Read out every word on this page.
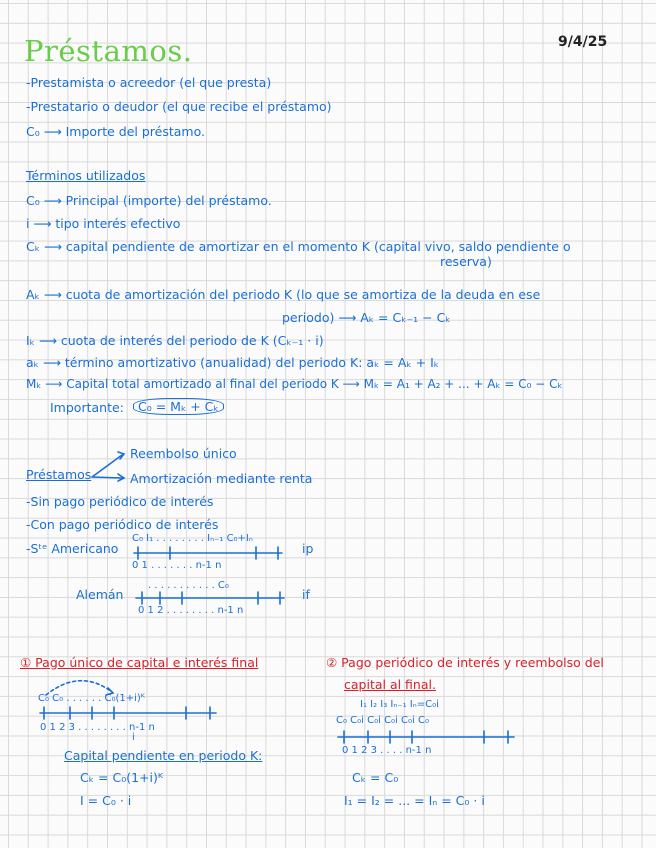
Préstamos.	9/4/25
-Prestamista o acreedor (el que presta)
-Prestatario o deudor (el que recibe el préstamo)
C₀ ⟶ Importe del préstamo.
Términos utilizados
C₀ ⟶ Principal (importe) del préstamo.
i ⟶ tipo interés efectivo
Cₖ ⟶ capital pendiente de amortizar en el momento K (capital vivo, saldo pendiente o
reserva)
Aₖ ⟶ cuota de amortización del periodo K (lo que se amortiza de la deuda en ese
periodo) ⟶ Aₖ = Cₖ₋₁ − Cₖ
Iₖ ⟶ cuota de interés del periodo de K (Cₖ₋₁ · i)
aₖ ⟶ término amortizativo (anualidad) del periodo K: aₖ = Aₖ + Iₖ
Mₖ ⟶ Capital total amortizado al final del periodo K ⟶ Mₖ = A₁ + A₂ + ... + Aₖ = C₀ − Cₖ
Importante:	C₀ = Mₖ + Cₖ
Reembolso único
Préstamos	Amortización mediante renta
-Sin pago periódico de interés
-Con pago periódico de interés
-Sᵗᵉ Americano
C₀ I₁ . . . . . . . . Iₙ₋₁ C₀+Iₙ
0 1 . . . . . . . n-1 n
ip
Alemán
. . . . . . . . . . . C₀
0 1 2 . . . . . . . . n-1 n
if
① Pago único de capital e interés final
C₀ C₀ . . . . . . C₀(1+i)ᴷ
0 1 2 3 . . . . . . . . n-1 n
i
Capital pendiente en periodo K:
Cₖ = C₀(1+i)ᴷ
I = C₀ · i
② Pago periódico de interés y reembolso del
capital al final.
I₁ I₂ I₃ Iₙ₋₁ Iₙ=C₀i
C₀ C₀i C₀i C₀i C₀i C₀
0 1 2 3 . . . . n-1 n
Cₖ = C₀
I₁ = I₂ = ... = Iₙ = C₀ · i
